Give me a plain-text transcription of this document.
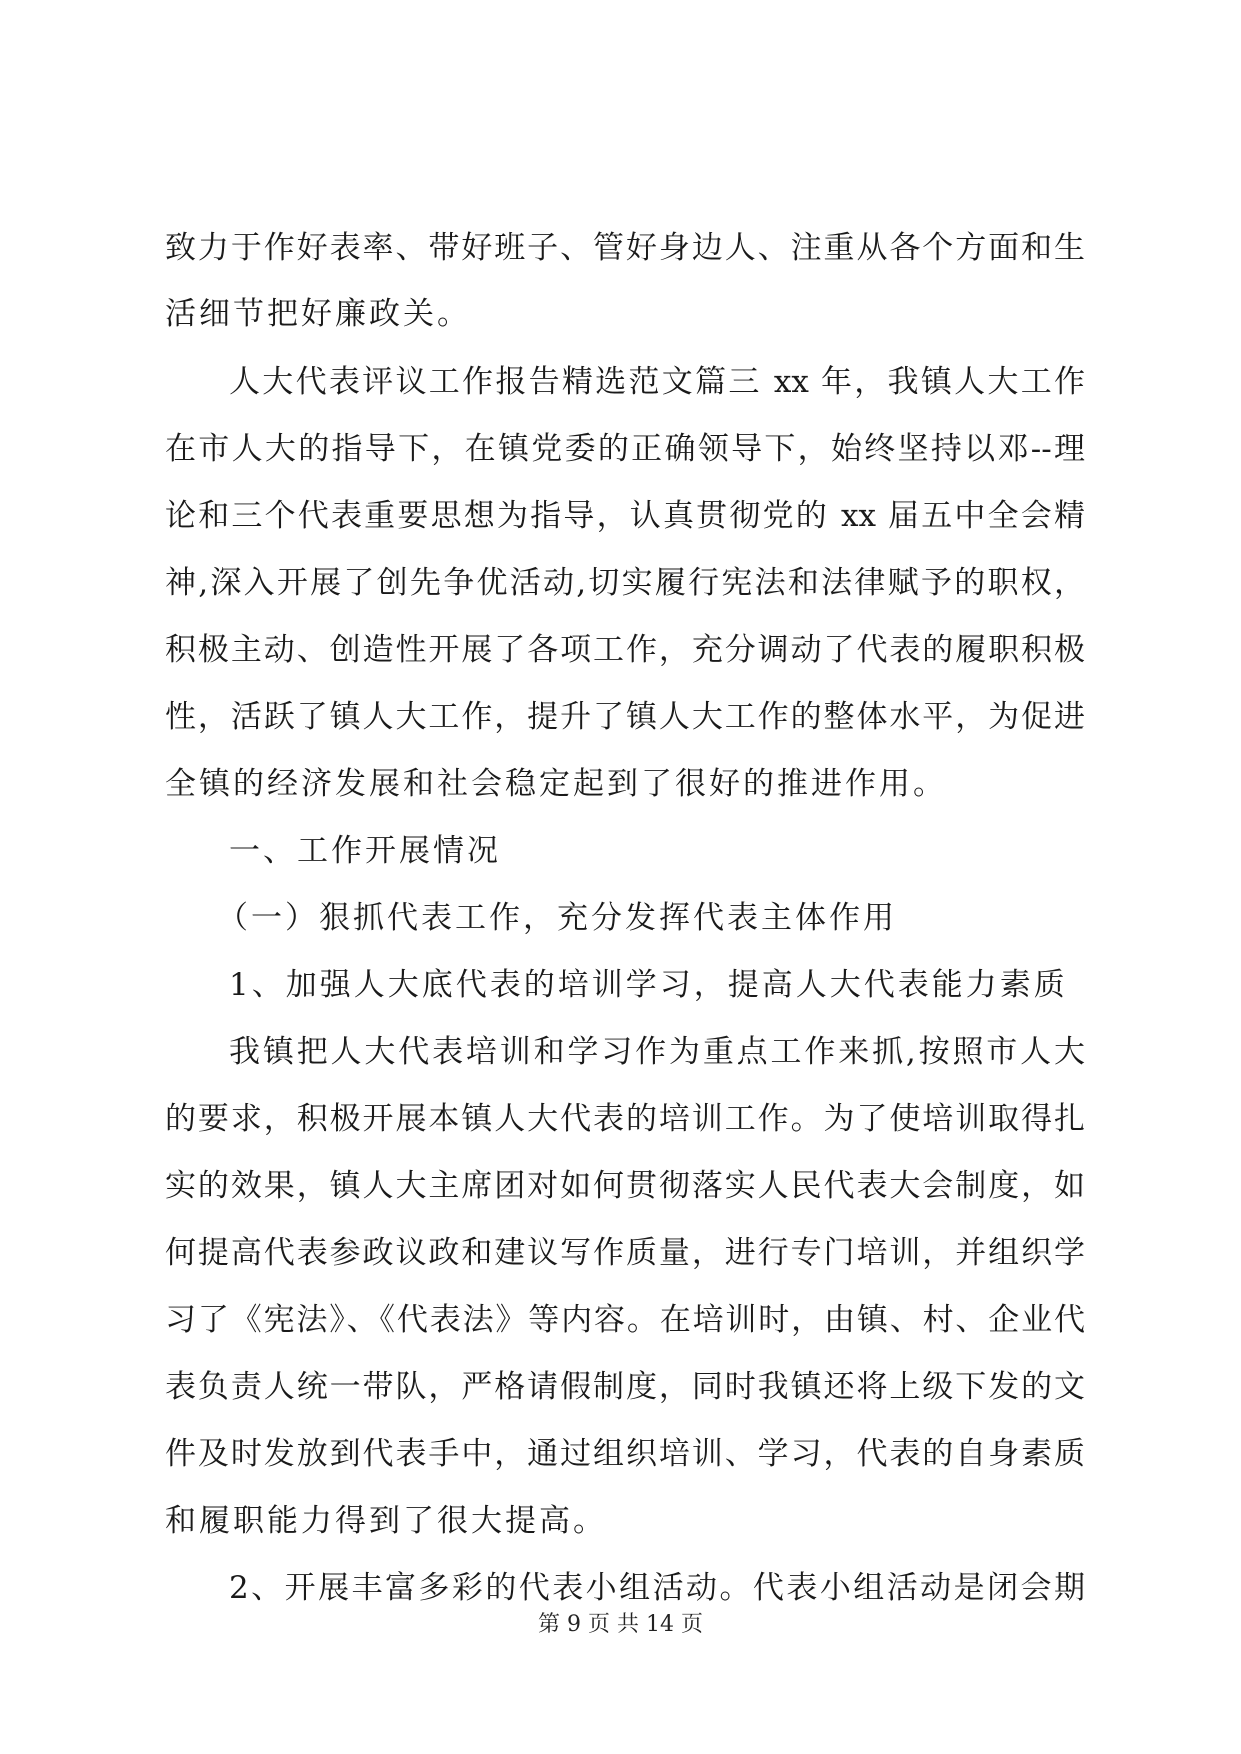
致力于作好表率、带好班子、管好身边人、注重从各个方面和生
活细节把好廉政关。
人大代表评议工作报告精选范文篇三 xx 年，我镇人大工作
在市人大的指导下，在镇党委的正确领导下，始终坚持以邓--理
论和三个代表重要思想为指导，认真贯彻党的 xx 届五中全会精
神,深入开展了创先争优活动,切实履行宪法和法律赋予的职权，
积极主动、创造性开展了各项工作，充分调动了代表的履职积极
性，活跃了镇人大工作，提升了镇人大工作的整体水平，为促进
全镇的经济发展和社会稳定起到了很好的推进作用。
一、工作开展情况
（一）狠抓代表工作，充分发挥代表主体作用
1、加强人大底代表的培训学习，提高人大代表能力素质
我镇把人大代表培训和学习作为重点工作来抓,按照市人大
的要求，积极开展本镇人大代表的培训工作。为了使培训取得扎
实的效果，镇人大主席团对如何贯彻落实人民代表大会制度，如
何提高代表参政议政和建议写作质量，进行专门培训，并组织学
习了《宪法》、《代表法》等内容。在培训时，由镇、村、企业代
表负责人统一带队，严格请假制度，同时我镇还将上级下发的文
件及时发放到代表手中，通过组织培训、学习，代表的自身素质
和履职能力得到了很大提高。
2、开展丰富多彩的代表小组活动。代表小组活动是闭会期
第 9 页 共 14 页
